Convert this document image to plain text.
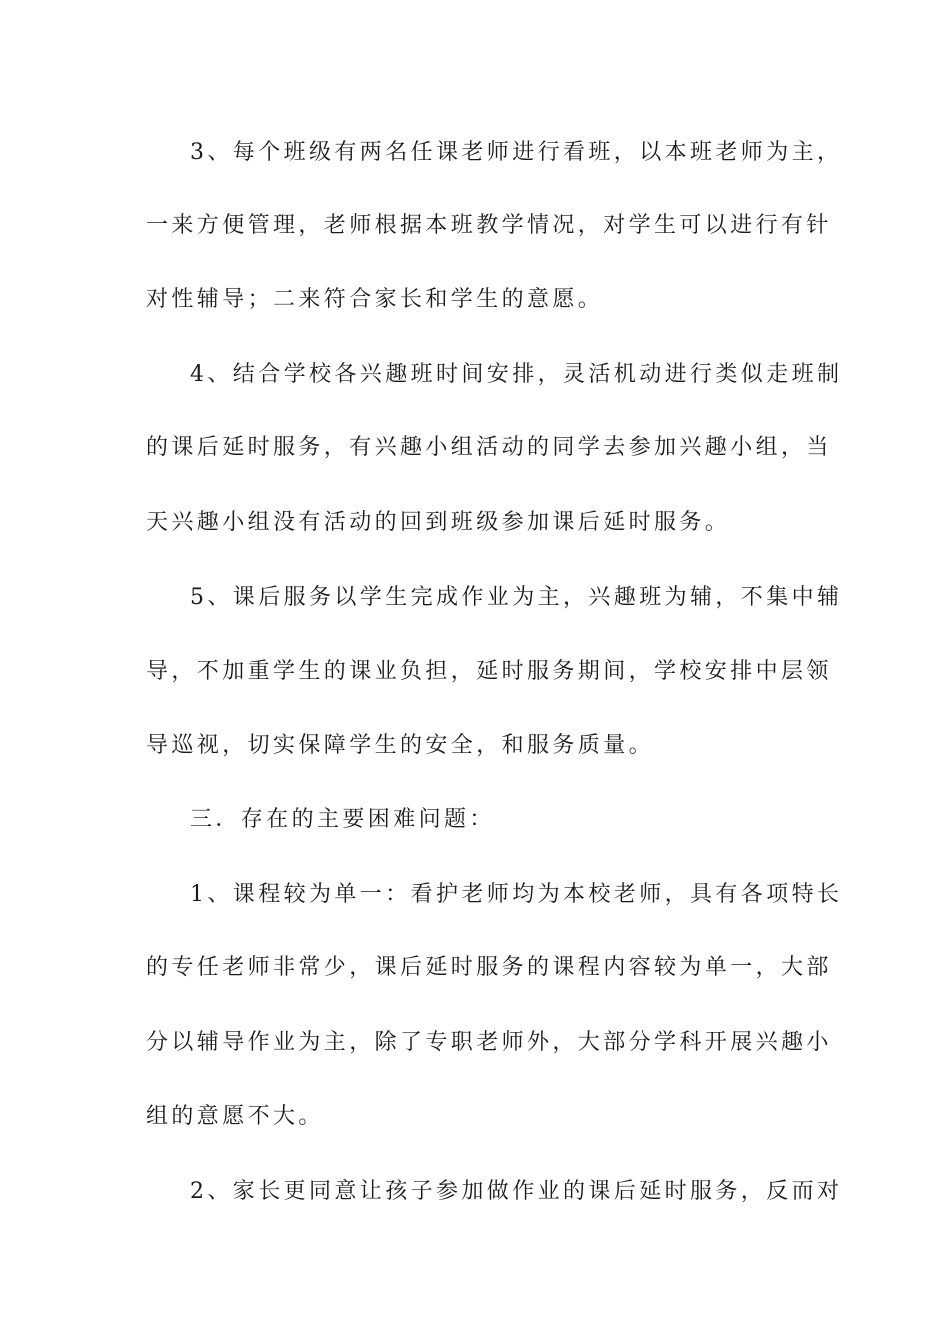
3、每个班级有两名任课老师进行看班，以本班老师为主，
一来方便管理，老师根据本班教学情况，对学生可以进行有针
对性辅导；二来符合家长和学生的意愿。
4、结合学校各兴趣班时间安排，灵活机动进行类似走班制
的课后延时服务，有兴趣小组活动的同学去参加兴趣小组，当
天兴趣小组没有活动的回到班级参加课后延时服务。
5、课后服务以学生完成作业为主，兴趣班为辅，不集中辅
导，不加重学生的课业负担，延时服务期间，学校安排中层领
导巡视，切实保障学生的安全，和服务质量。
三．存在的主要困难问题：
1、课程较为单一：看护老师均为本校老师，具有各项特长
的专任老师非常少，课后延时服务的课程内容较为单一，大部
分以辅导作业为主，除了专职老师外，大部分学科开展兴趣小
组的意愿不大。
2、家长更同意让孩子参加做作业的课后延时服务，反而对
